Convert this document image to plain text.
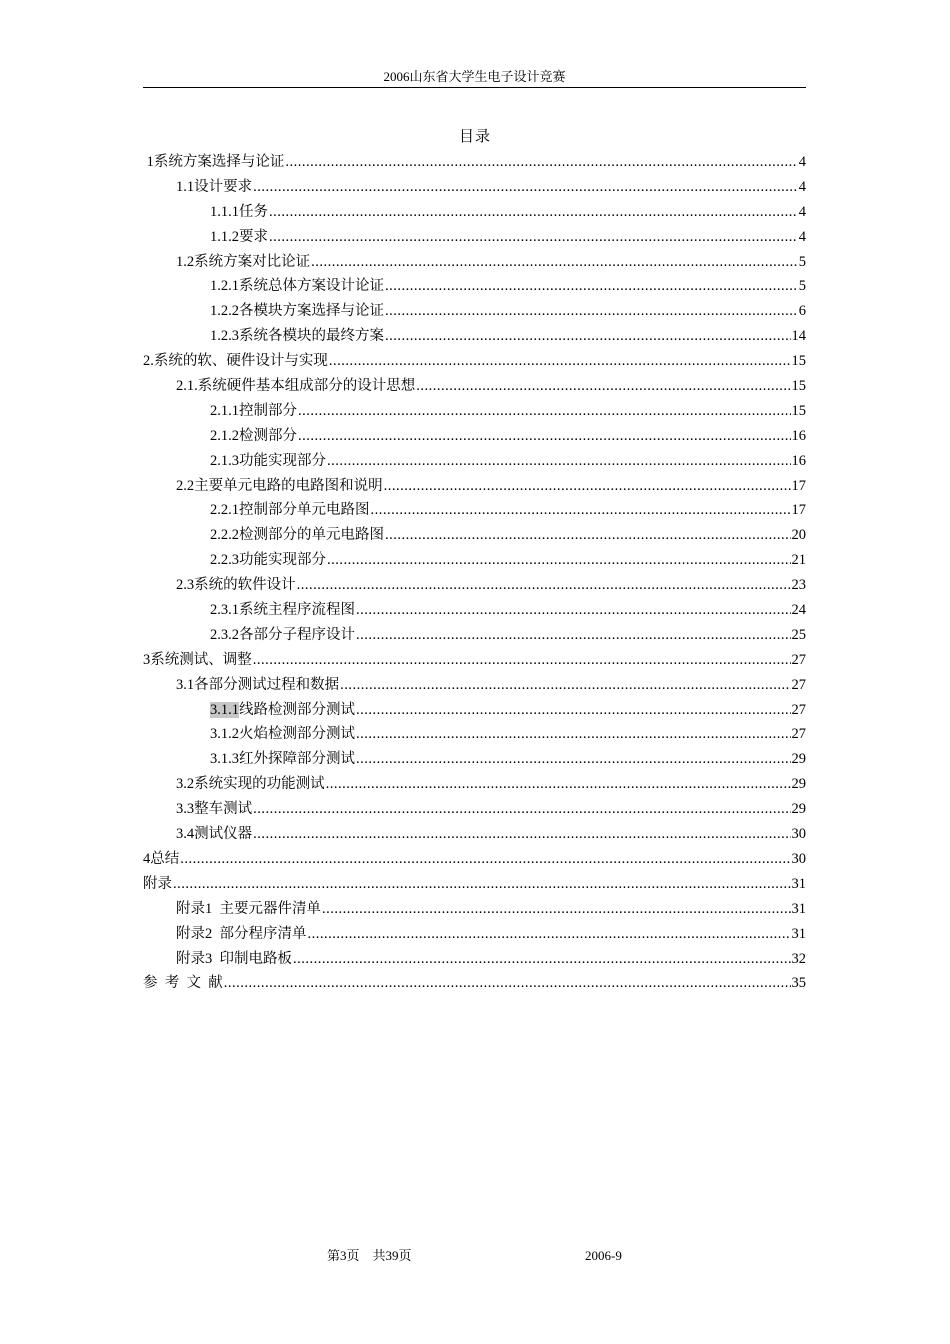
2006山东省大学生电子设计竞赛
目录
1系统方案选择与论证 .....	4
1.1设计要求 .....	4
1.1.1任务 .....	4
1.1.2要求 .....	4
1.2系统方案对比论证 .....	5
1.2.1系统总体方案设计论证 .....	5
1.2.2各模块方案选择与论证 .....	6
1.2.3系统各模块的最终方案 .....	14
2.系统的软、硬件设计与实现 .....	15
2.1.系统硬件基本组成部分的设计思想 .....	15
2.1.1控制部分 .....	15
2.1.2检测部分 .....	16
2.1.3功能实现部分 .....	16
2.2主要单元电路的电路图和说明 .....	17
2.2.1控制部分单元电路图 .....	17
2.2.2检测部分的单元电路图 .....	20
2.2.3功能实现部分 .....	21
2.3系统的软件设计 .....	23
2.3.1系统主程序流程图 .....	24
2.3.2各部分子程序设计 .....	25
3系统测试、调整 .....	27
3.1各部分测试过程和数据 .....	27
3.1.1线路检测部分测试 .....	27
3.1.2火焰检测部分测试 .....	27
3.1.3红外探障部分测试 .....	29
3.2系统实现的功能测试 .....	29
3.3整车测试 .....	29
3.4测试仪器 .....	30
4总结 .....	30
附录 .....	31
附录1  主要元器件清单 .....	31
附录2  部分程序清单 .....	31
附录3  印制电路板 .....	32
参  考  文  献 .....	35
第3页    共39页	2006-9
